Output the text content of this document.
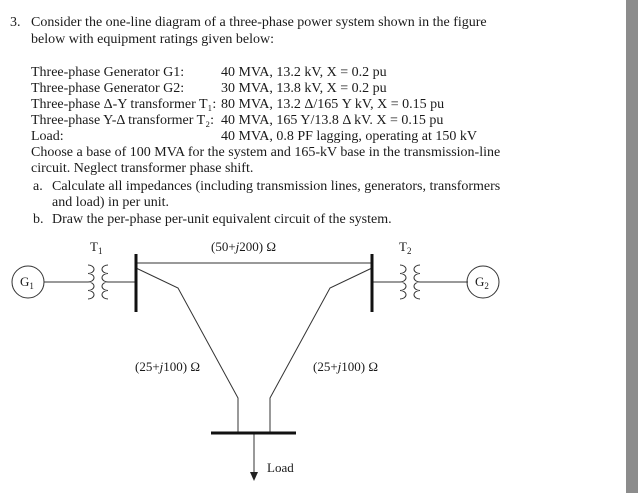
3. Consider the one-line diagram of a three-phase power system shown in the figure
below with equipment ratings given below:
Three-phase Generator G1:	40 MVA, 13.2 kV, X = 0.2 pu
Three-phase Generator G2:	30 MVA, 13.8 kV, X = 0.2 pu
Three-phase Δ-Y transformer T₁: 80 MVA, 13.2 Δ/165 Y kV, X = 0.15 pu
Three-phase Y-Δ transformer T₂: 40 MVA, 165 Y/13.8 Δ kV. X = 0.15 pu
Load:	40 MVA, 0.8 PF lagging, operating at 150 kV
Choose a base of 100 MVA for the system and 165-kV base in the transmission-line
circuit. Neglect transformer phase shift.
a. Calculate all impedances (including transmission lines, generators, transformers
and load) in per unit.
b. Draw the per-phase per-unit equivalent circuit of the system.
$T_1$	$T_2$
$G_1$	$G_2$
(50+j200) Ω
(25+j100) Ω	(25+j100) Ω
Load
